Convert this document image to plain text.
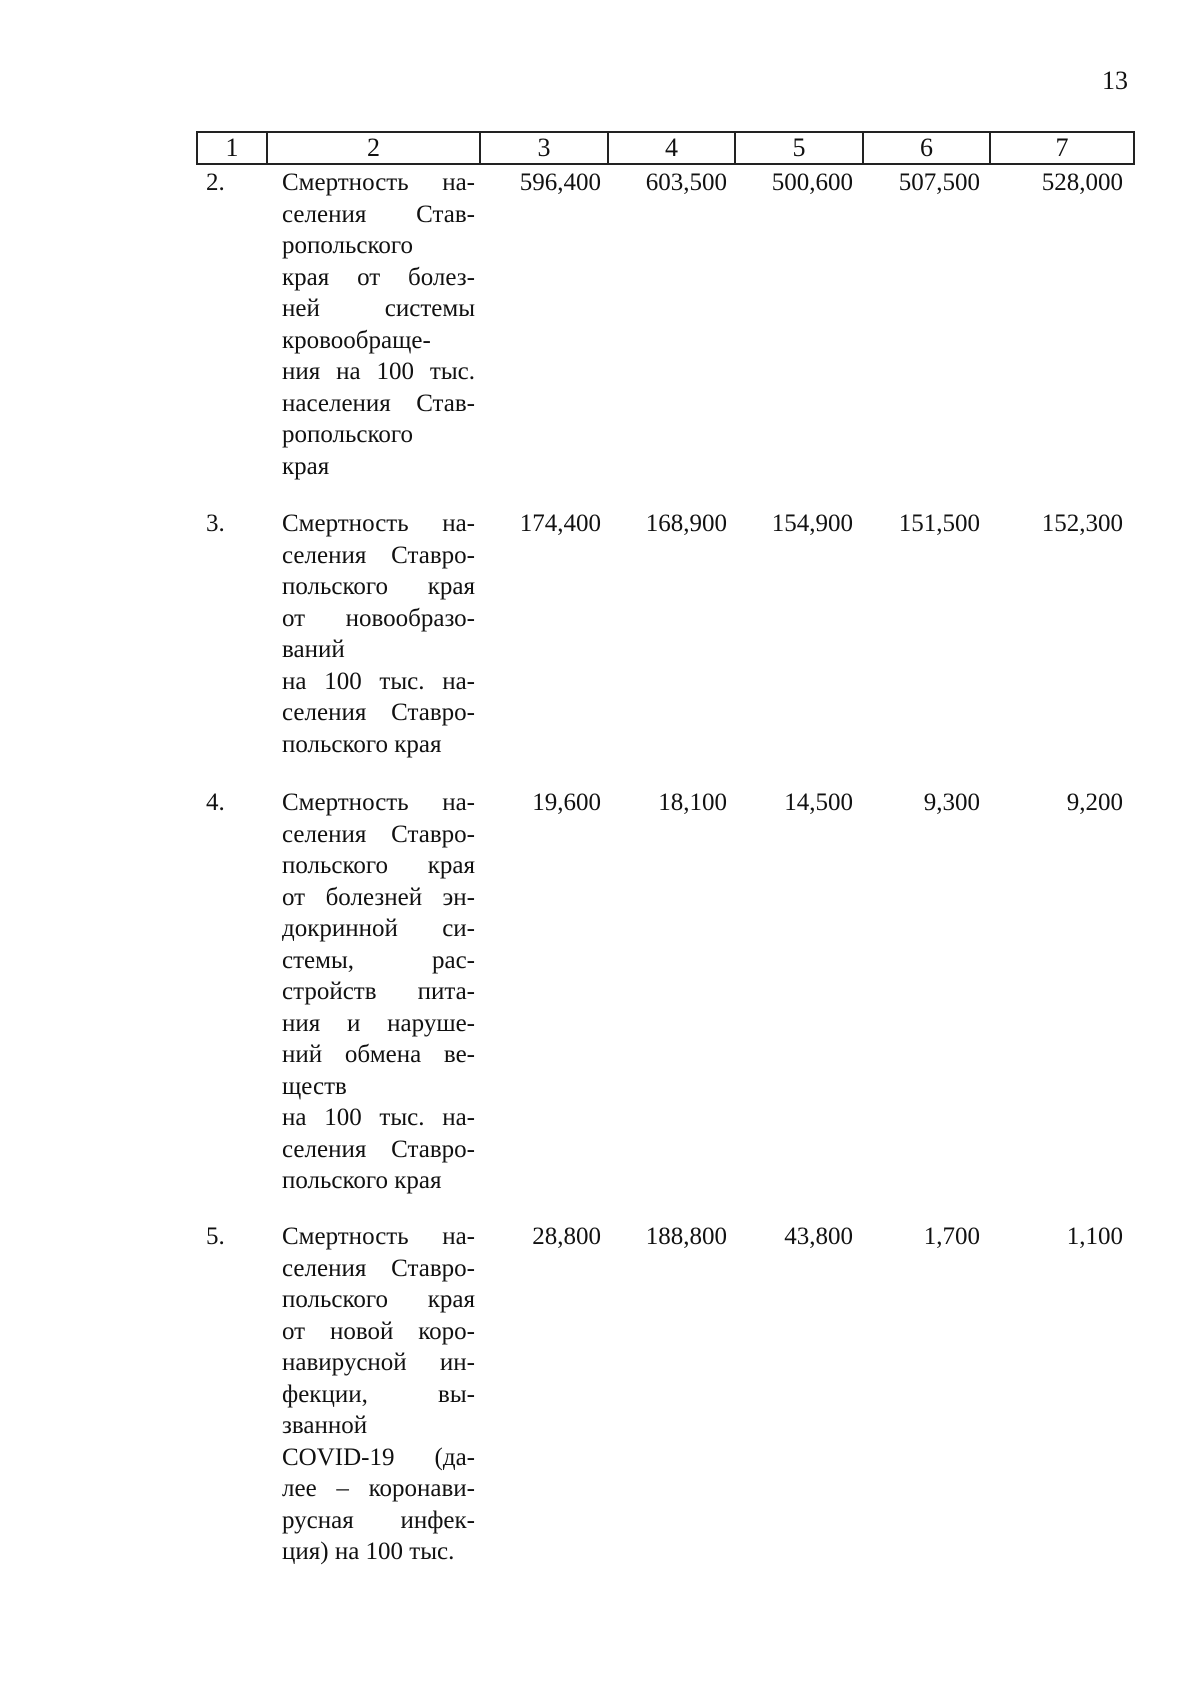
13
1	2	3	4	5	6	7
2. Смертность на-
селения Став-
ропольского
края от болез-
ней системы
кровообраще-
ния на 100 тыс.
населения Став-
ропольского
края
596,400	603,500	500,600	507,500	528,000
3. Смертность на-
селения Ставро-
польского края
от новообразо-
ваний
на 100 тыс. на-
селения Ставро-
польского края
174,400	168,900	154,900	151,500	152,300
4. Смертность на-
селения Ставро-
польского края
от болезней эн-
докринной си-
стемы, рас-
стройств пита-
ния и наруше-
ний обмена ве-
ществ
на 100 тыс. на-
селения Ставро-
польского края
19,600	18,100	14,500	9,300	9,200
5. Смертность на-
селения Ставро-
польского края
от новой коро-
навирусной ин-
фекции, вы-
званной
COVID-19 (да-
лее – коронави-
русная инфек-
ция) на 100 тыс.
28,800	188,800	43,800	1,700	1,100
